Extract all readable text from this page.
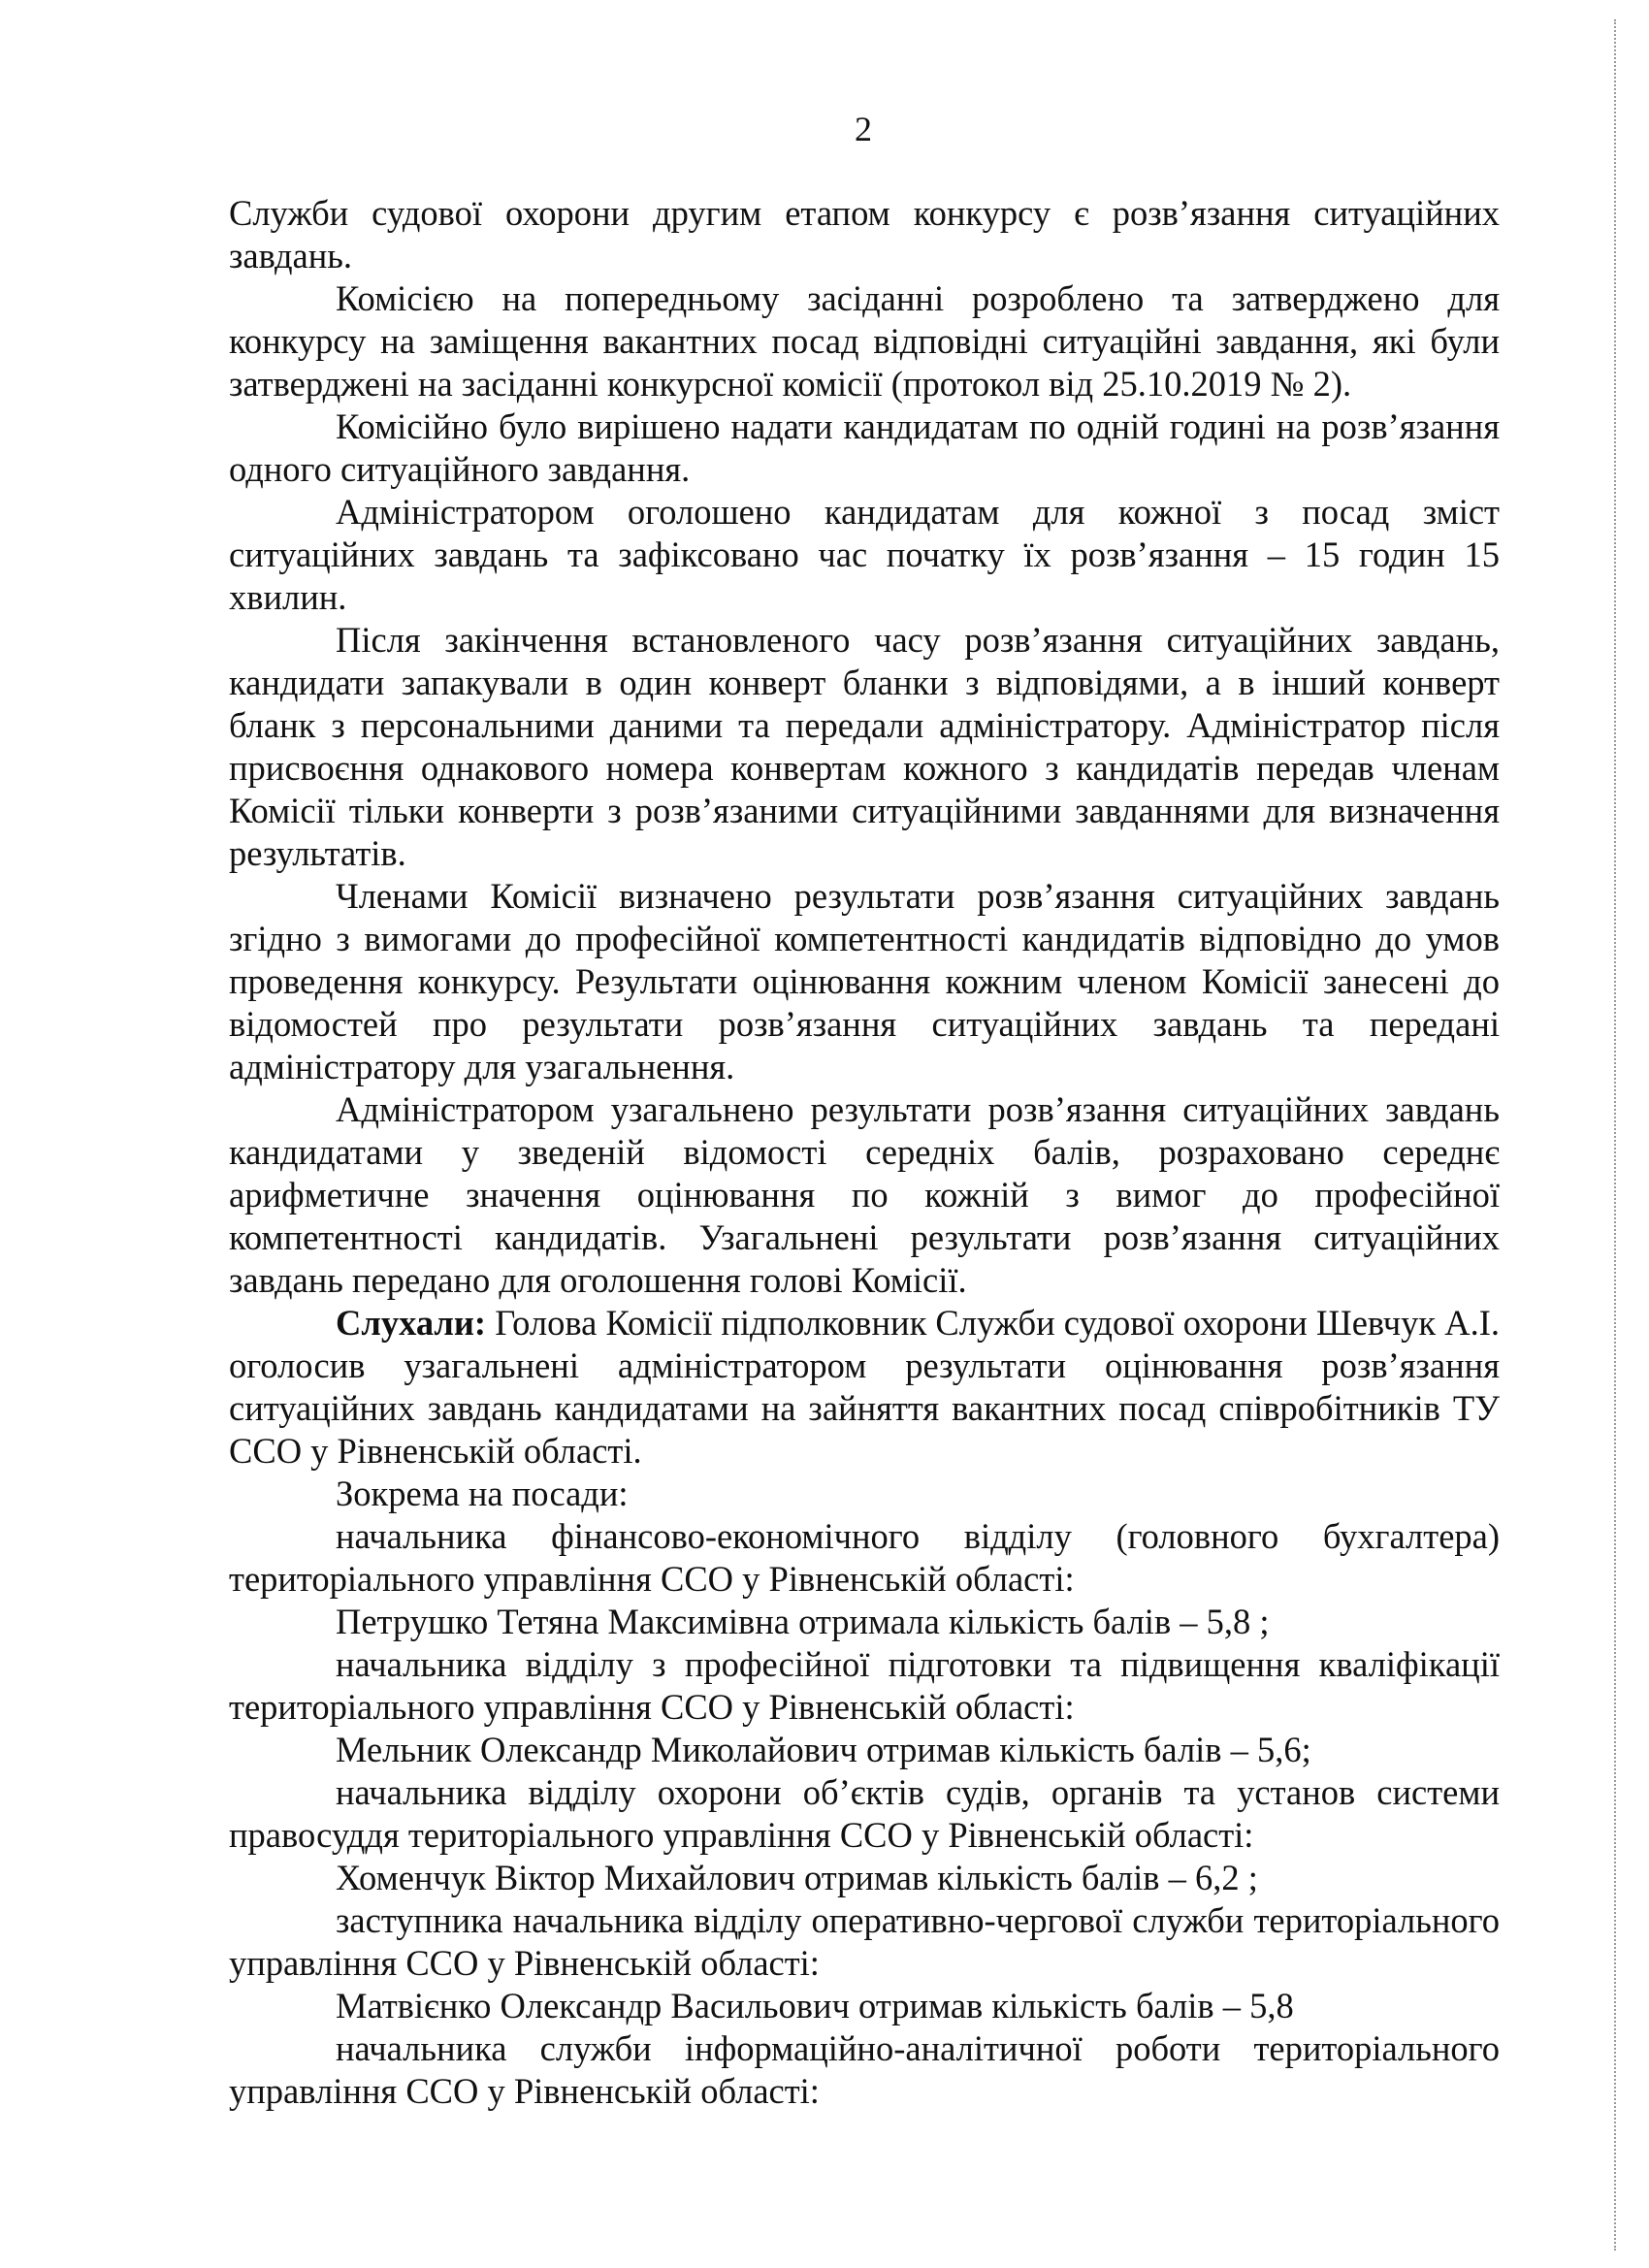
2

Служби судової охорони другим етапом конкурсу є розв’язання ситуаційних завдань.

Комісією на попередньому засіданні розроблено та затверджено для конкурсу на заміщення вакантних посад відповідні ситуаційні завдання, які були затверджені на засіданні конкурсної комісії (протокол від 25.10.2019 № 2).

Комісійно було вирішено надати кандидатам по одній годині на розв’язання одного ситуаційного завдання.

Адміністратором оголошено кандидатам для кожної з посад зміст ситуаційних завдань та зафіксовано час початку їх розв’язання – 15 годин 15 хвилин.

Після закінчення встановленого часу розв’язання ситуаційних завдань, кандидати запакували в один конверт бланки з відповідями, а в інший конверт бланк з персональними даними та передали адміністратору. Адміністратор після присвоєння однакового номера конвертам кожного з кандидатів передав членам Комісії тільки конверти з розв’язаними ситуаційними завданнями для визначення результатів.

Членами Комісії визначено результати розв’язання ситуаційних завдань згідно з вимогами до професійної компетентності кандидатів відповідно до умов проведення конкурсу. Результати оцінювання кожним членом Комісії занесені до відомостей про результати розв’язання ситуаційних завдань та передані адміністратору для узагальнення.

Адміністратором узагальнено результати розв’язання ситуаційних завдань кандидатами у зведеній відомості середніх балів, розраховано середнє арифметичне значення оцінювання по кожній з вимог до професійної компетентності кандидатів. Узагальнені результати розв’язання ситуаційних завдань передано для оголошення голові Комісії.

Слухали: Голова Комісії підполковник Служби судової охорони Шевчук А.І. оголосив узагальнені адміністратором результати оцінювання розв’язання ситуаційних завдань кандидатами на зайняття вакантних посад співробітників ТУ ССО у Рівненській області.

Зокрема на посади:

начальника фінансово-економічного відділу (головного бухгалтера) територіального управління ССО у Рівненській області:

Петрушко Тетяна Максимівна отримала кількість балів – 5,8 ;

начальника відділу з професійної підготовки та підвищення кваліфікації територіального управління ССО у Рівненській області:

Мельник Олександр Миколайович отримав кількість балів – 5,6;

начальника відділу охорони об’єктів судів, органів та установ системи правосуддя територіального управління ССО у Рівненській області:

Хоменчук Віктор Михайлович отримав кількість балів – 6,2 ;

заступника начальника відділу оперативно-чергової служби територіального управління ССО у Рівненській області:

Матвієнко Олександр Васильович отримав кількість балів – 5,8

начальника служби інформаційно-аналітичної роботи територіального управління ССО у Рівненській області:
